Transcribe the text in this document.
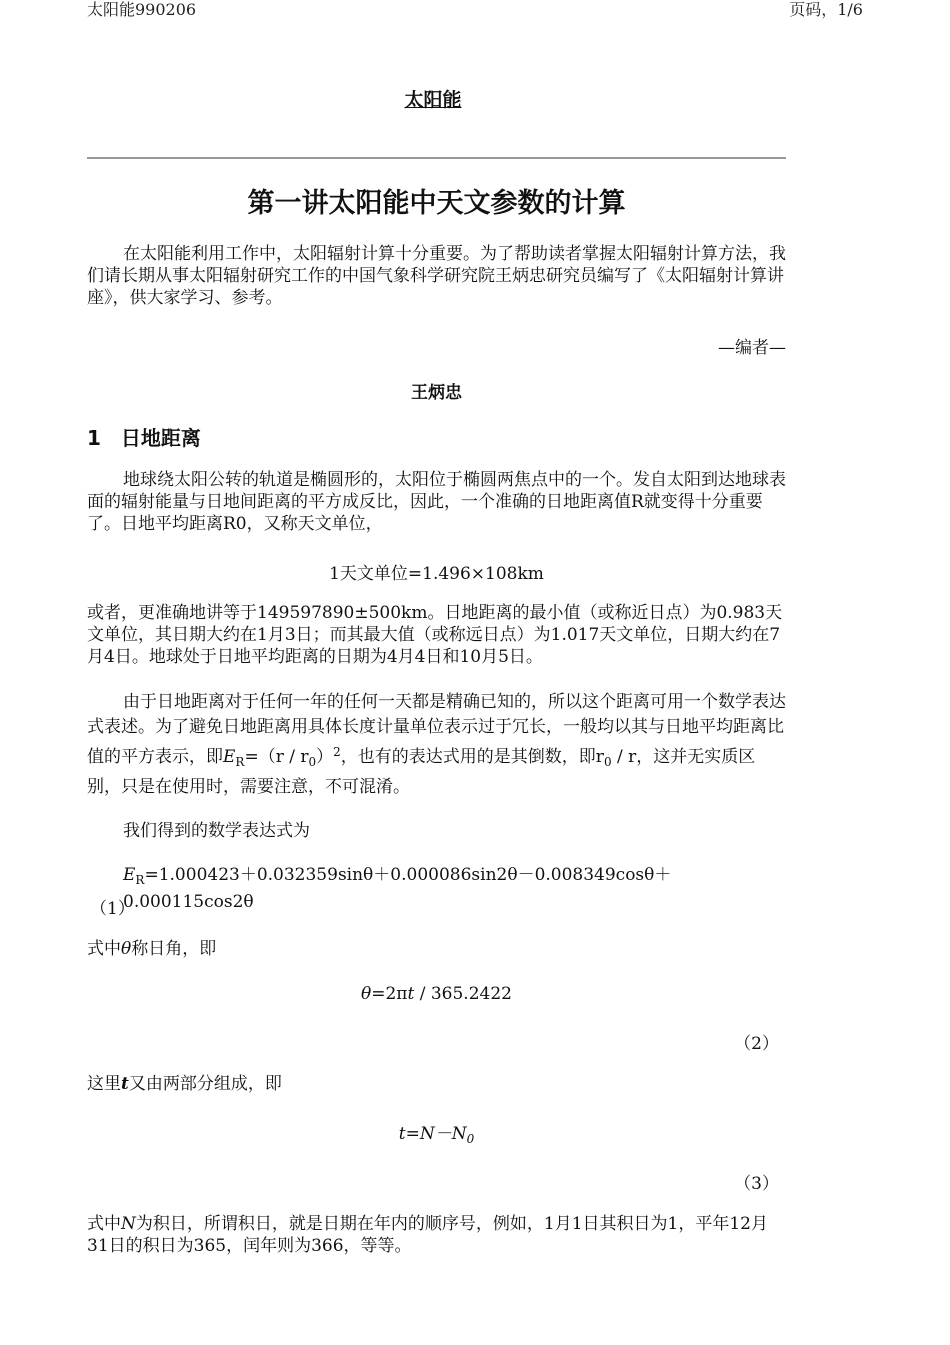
太阳能990206	页码，1/6
太阳能
第一讲太阳能中天文参数的计算

在太阳能利用工作中，太阳辐射计算十分重要。为了帮助读者掌握太阳辐射计算方法，我们请长期从事太阳辐射研究工作的中国气象科学研究院王炳忠研究员编写了《太阳辐射计算讲座》，供大家学习、参考。

—编者—
王炳忠
1 日地距离

地球绕太阳公转的轨道是椭圆形的，太阳位于椭圆两焦点中的一个。发自太阳到达地球表面的辐射能量与日地间距离的平方成反比，因此，一个准确的日地距离值R就变得十分重要了。日地平均距离R0，又称天文单位，

1天文单位=1.496×108km

或者，更准确地讲等于149597890±500km。日地距离的最小值（或称近日点）为0.983天文单位，其日期大约在1月3日；而其最大值（或称远日点）为1.017天文单位，日期大约在7月4日。地球处于日地平均距离的日期为4月4日和10月5日。

由于日地距离对于任何一年的任何一天都是精确已知的，所以这个距离可用一个数学表达式表述。为了避免日地距离用具体长度计量单位表示过于冗长，一般均以其与日地平均距离比值的平方表示，即$E_R=(r / r_0)^2$，也有的表达式用的是其倒数，即$r_0$ / r，这并无实质区别，只是在使用时，需要注意，不可混淆。

我们得到的数学表达式为

$E_R=1.000423+0.032359\sin\theta+0.000086\sin 2\theta-0.008349\cos\theta+0.000115\cos 2\theta$
（1）

式中θ称日角，即

θ=2πt / 365.2422
（2）

这里t又由两部分组成，即

$t=N-N_0$
（3）

式中N为积日，所谓积日，就是日期在年内的顺序号，例如，1月1日其积日为1，平年12月31日的积日为365，闰年则为366，等等。
